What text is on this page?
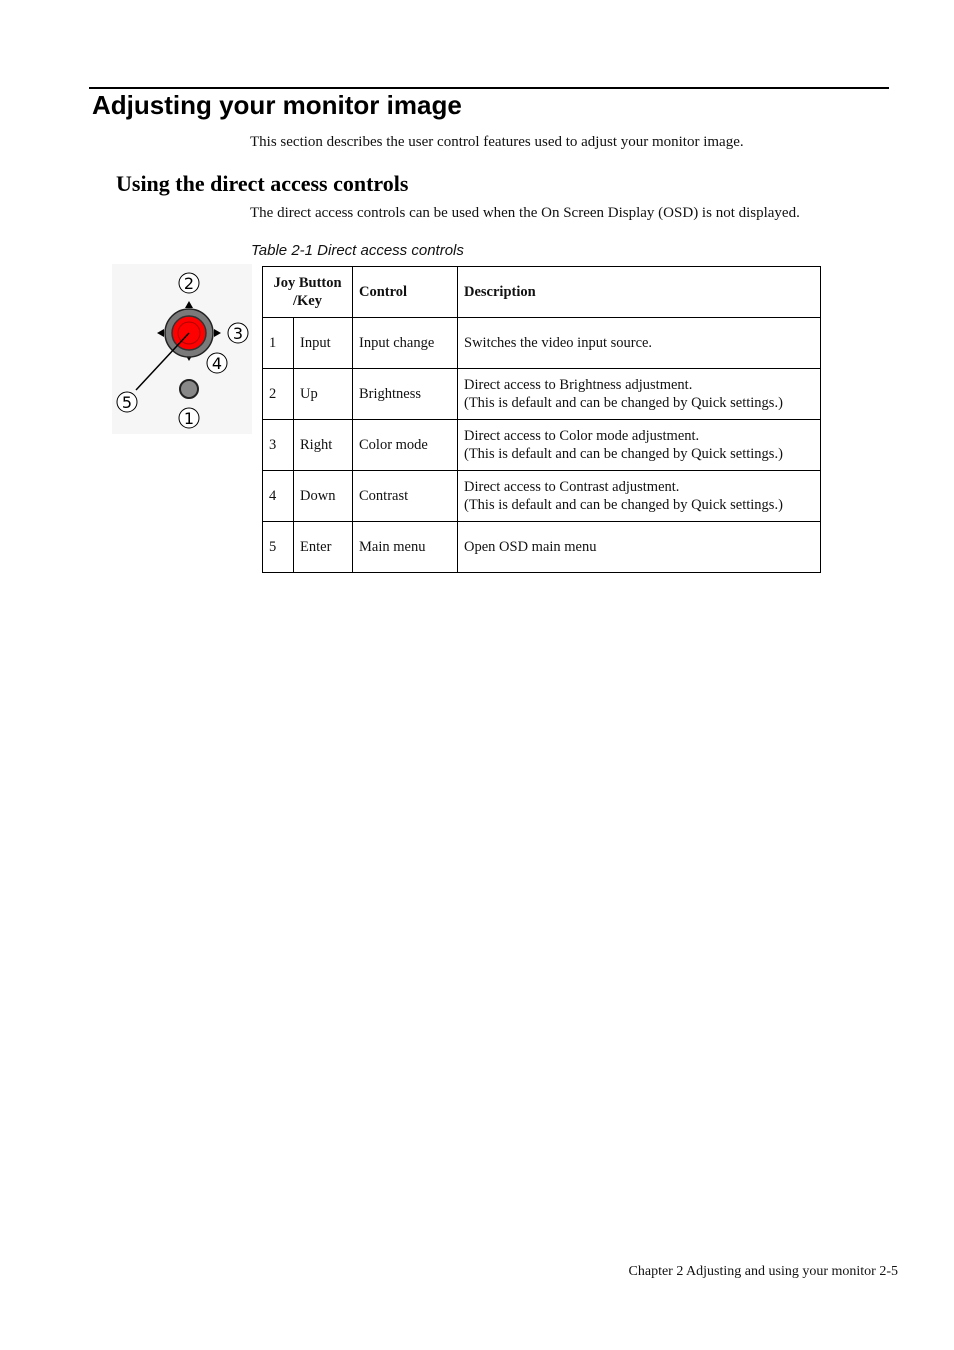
Adjusting your monitor image

This section describes the user control features used to adjust your monitor image.

Using the direct access controls

The direct access controls can be used when the On Screen Display (OSD) is not displayed.

Table 2-1 Direct access controls

2
3
4
5
1
Joy Button
/Key		Control	Description
1	Input	Input change	Switches the video input source.

2	Up	Brightness	Direct access to Brightness adjustment.
(This is default and can be changed by Quick settings.)

3	Right	Color mode	Direct access to Color mode adjustment.
(This is default and can be changed by Quick settings.)

4	Down	Contrast	Direct access to Contrast adjustment.
(This is default and can be changed by Quick settings.)

5	Enter	Main menu	Open OSD main menu

Chapter 2 Adjusting and using your monitor 2-5
